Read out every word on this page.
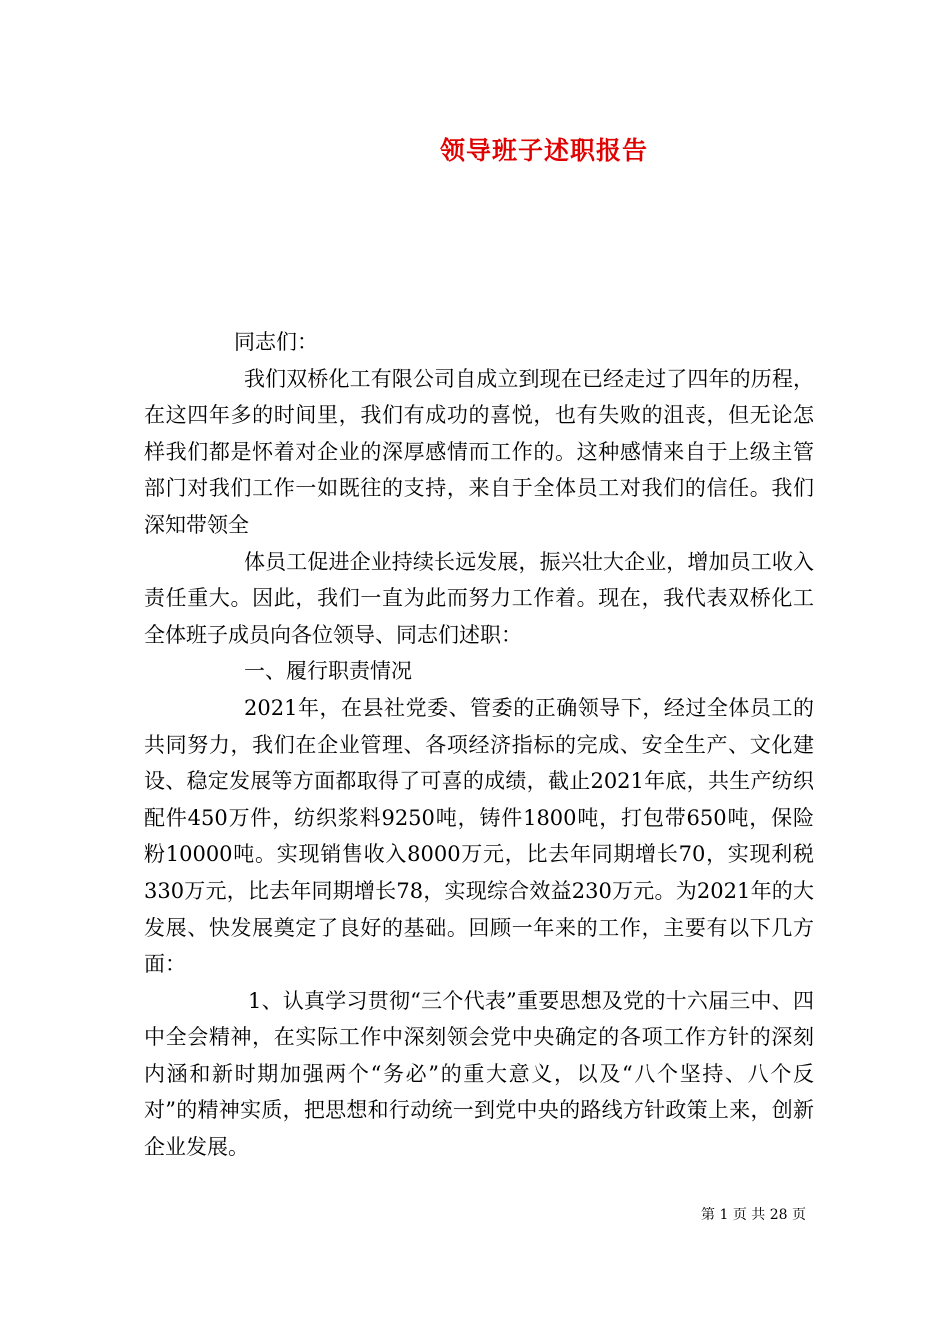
领导班子述职报告

同志们：

我们双桥化工有限公司自成立到现在已经走过了四年的历程，在这四年多的时间里，我们有成功的喜悦，也有失败的沮丧，但无论怎样我们都是怀着对企业的深厚感情而工作的。这种感情来自于上级主管部门对我们工作一如既往的支持，来自于全体员工对我们的信任。我们深知带领全

体员工促进企业持续长远发展，振兴壮大企业，增加员工收入责任重大。因此，我们一直为此而努力工作着。现在，我代表双桥化工全体班子成员向各位领导、同志们述职：

一、履行职责情况

2021年，在县社党委、管委的正确领导下，经过全体员工的共同努力，我们在企业管理、各项经济指标的完成、安全生产、文化建设、稳定发展等方面都取得了可喜的成绩，截止2021年底，共生产纺织配件450万件，纺织浆料9250吨，铸件1800吨，打包带650吨，保险粉10000吨。实现销售收入8000万元，比去年同期增长70，实现利税330万元，比去年同期增长78，实现综合效益230万元。为2021年的大发展、快发展奠定了良好的基础。回顾一年来的工作，主要有以下几方面：

1、认真学习贯彻“三个代表”重要思想及党的十六届三中、四中全会精神，在实际工作中深刻领会党中央确定的各项工作方针的深刻内涵和新时期加强两个“务必”的重大意义，以及“八个坚持、八个反对”的精神实质，把思想和行动统一到党中央的路线方针政策上来，创新企业发展。

第 1 页 共 28 页
